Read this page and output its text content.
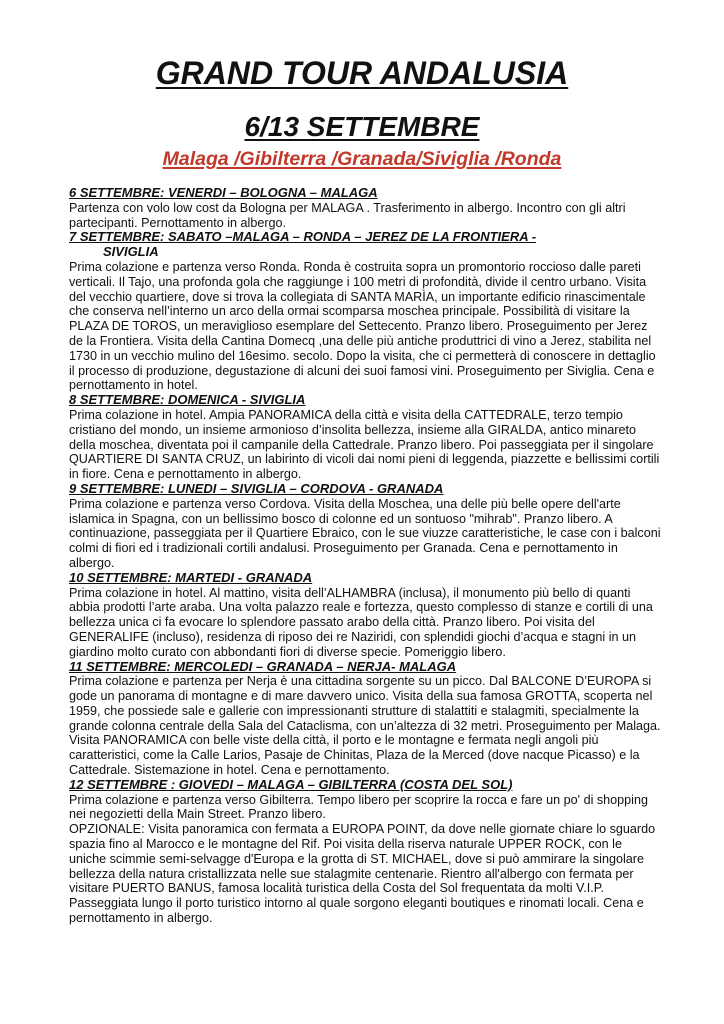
GRAND TOUR ANDALUSIA
6/13 SETTEMBRE
Malaga /Gibilterra /Granada/Siviglia /Ronda
6 SETTEMBRE: VENERDI – BOLOGNA – MALAGA

Partenza con volo low cost da Bologna per MALAGA . Trasferimento in albergo. Incontro con gli altri partecipanti. Pernottamento in albergo.

7 SETTEMBRE: SABATO –MALAGA – RONDA – JEREZ DE LA FRONTIERA -
SIVIGLIA

Prima colazione e partenza verso Ronda. Ronda è costruita sopra un promontorio roccioso dalle pareti verticali. Il Tajo, una profonda gola che raggiunge i 100 metri di profondità, divide il centro urbano. Visita del vecchio quartiere, dove si trova la collegiata di SANTA MARÌA, un importante edificio rinascimentale che conserva nell’interno un arco della ormai scomparsa moschea principale. Possibilità di visitare la PLAZA DE TOROS, un meraviglioso esemplare del Settecento. Pranzo libero. Proseguimento per Jerez de la Frontiera. Visita della Cantina Domecq ,una delle più antiche produttrici di vino a Jerez, stabilita nel 1730 in un vecchio mulino del 16esimo. secolo. Dopo la visita, che ci permetterà di conoscere in dettaglio il processo di produzione, degustazione di alcuni dei suoi famosi vini. Proseguimento per Siviglia. Cena e pernottamento in hotel.

8 SETTEMBRE: DOMENICA - SIVIGLIA

Prima colazione in hotel. Ampia PANORAMICA della città e visita della CATTEDRALE, terzo tempio cristiano del mondo, un insieme armonioso d’insolita bellezza, insieme alla GIRALDA, antico minareto della moschea, diventata poi il campanile della Cattedrale. Pranzo libero. Poi passeggiata per il singolare QUARTIERE DI SANTA CRUZ, un labirinto di vicoli dai nomi pieni di leggenda, piazzette e bellissimi cortili in fiore. Cena e pernottamento in albergo.

9 SETTEMBRE: LUNEDI – SIVIGLIA – CORDOVA - GRANADA

Prima colazione e partenza verso Cordova. Visita della Moschea, una delle più belle opere dell'arte islamica in Spagna, con un bellissimo bosco di colonne ed un sontuoso "mihrab". Pranzo libero. A continuazione, passeggiata per il Quartiere Ebraico, con le sue viuzze caratteristiche, le case con i balconi colmi di fiori ed i tradizionali cortili andalusi. Proseguimento per Granada. Cena e pernottamento in albergo.

10 SETTEMBRE: MARTEDI - GRANADA

Prima colazione in hotel. Al mattino, visita dell’ALHAMBRA (inclusa), il monumento più bello di quanti abbia prodotti l’arte araba. Una volta palazzo reale e fortezza, questo complesso di stanze e cortili di una bellezza unica ci fa evocare lo splendore passato arabo della città. Pranzo libero. Poi visita del GENERALIFE (incluso), residenza di riposo dei re Naziridi, con splendidi giochi d’acqua e stagni in un giardino molto curato con abbondanti fiori di diverse specie. Pomeriggio libero.

11 SETTEMBRE: MERCOLEDI – GRANADA – NERJA- MALAGA

Prima colazione e partenza per Nerja è una cittadina sorgente su un picco. Dal BALCONE D’EUROPA si gode un panorama di montagne e di mare davvero unico. Visita della sua famosa GROTTA, scoperta nel 1959, che possiede sale e gallerie con impressionanti strutture di stalattiti e stalagmiti, specialmente la grande colonna centrale della Sala del Cataclisma, con un’altezza di 32 metri. Proseguimento per Malaga. Visita PANORAMICA con belle viste della città, il porto e le montagne e fermata negli angoli più caratteristici, come la Calle Larios, Pasaje de Chinitas, Plaza de la Merced (dove nacque Picasso) e la Cattedrale. Sistemazione in hotel. Cena e pernottamento.

12 SETTEMBRE : GIOVEDI – MALAGA – GIBILTERRA (COSTA DEL SOL)

Prima colazione e partenza verso Gibilterra. Tempo libero per scoprire la rocca e fare un po' di shopping nei negozietti della Main Street. Pranzo libero.

OPZIONALE: Visita panoramica con fermata a EUROPA POINT, da dove nelle giornate chiare lo sguardo spazia fino al Marocco e le montagne del Rif. Poi visita della riserva naturale UPPER ROCK, con le uniche scimmie semi-selvagge d'Europa e la grotta di ST. MICHAEL, dove si può ammirare la singolare bellezza della natura cristallizzata nelle sue stalagmite centenarie. Rientro all'albergo con fermata per visitare PUERTO BANUS, famosa località turistica della Costa del Sol frequentata da molti V.I.P. Passeggiata lungo il porto turistico intorno al quale sorgono eleganti boutiques e rinomati locali. Cena e pernottamento in albergo.
